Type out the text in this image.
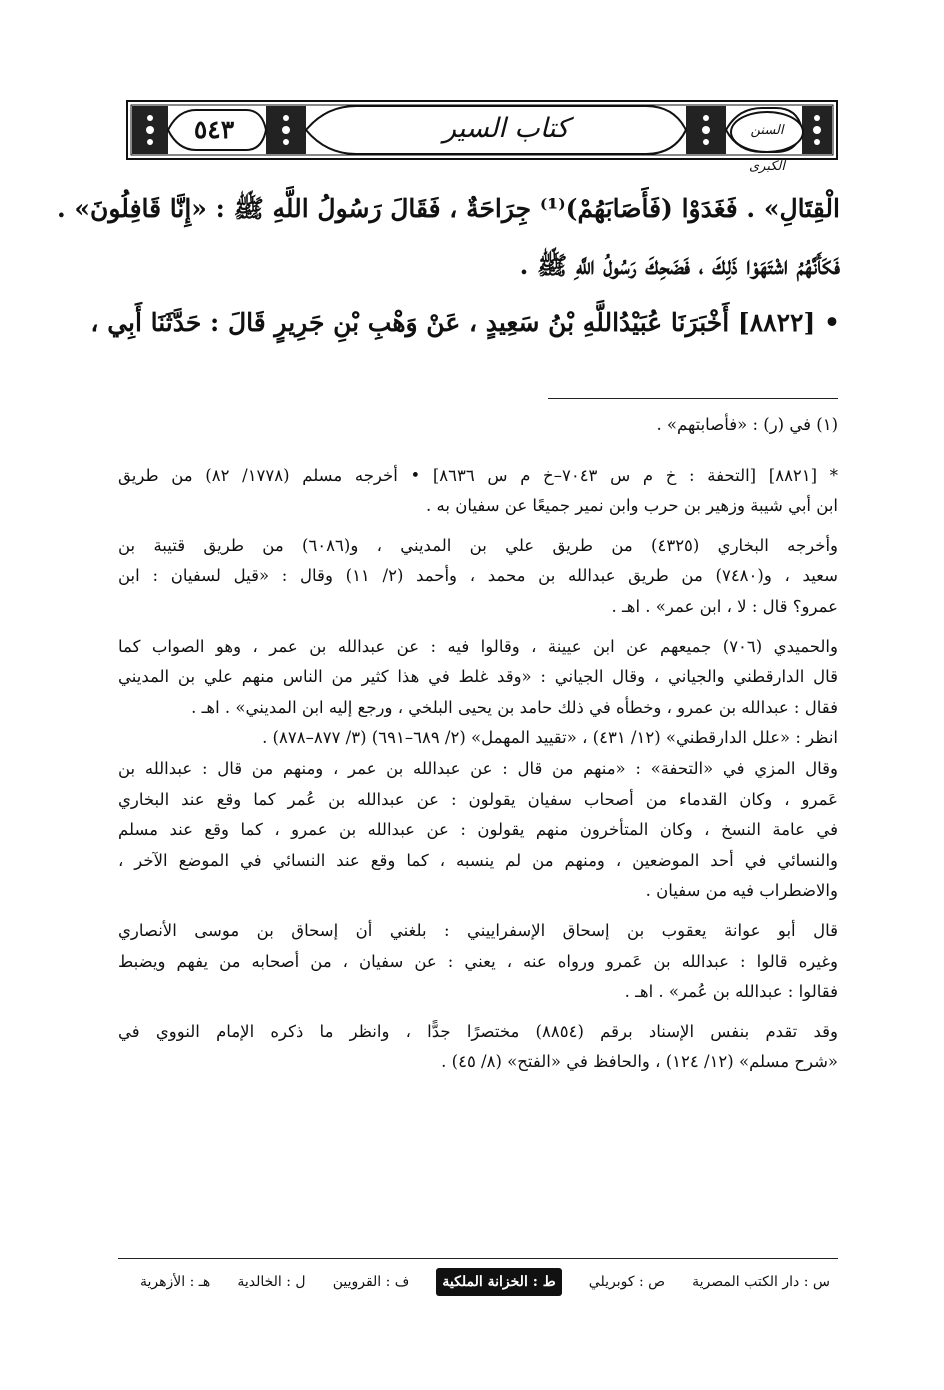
٥٤٣	كتاب السير	السنن الكبرى

الْقِتَالِ» . فَغَدَوْا (فَأَصَابَهُمْ)⁽¹⁾ جِرَاحَةٌ ، فَقَالَ رَسُولُ اللَّهِ ﷺ : «إِنَّا قَافِلُونَ» .

فَكَأَنَّهُمُ اشْتَهَوْا ذَلِكَ ، فَضَحِكَ رَسُولُ اللَّهِ ﷺ .

• [٨٨٢٢] أَخْبَرَنَا عُبَيْدُاللَّهِ بْنُ سَعِيدٍ ، عَنْ وَهْبِ بْنِ جَرِيرٍ قَالَ : حَدَّثَنَا أَبِي ،

(١) في (ر) : «فأصابتهم» .

* [٨٨٢١] [التحفة : خ م س ٧٠٤٣–خ م س ٨٦٣٦] • أخرجه مسلم (١٧٧٨/ ٨٢) من طريق

ابن أبي شيبة وزهير بن حرب وابن نمير جميعًا عن سفيان به .

وأخرجه البخاري (٤٣٢٥) من طريق علي بن المديني ، و(٦٠٨٦) من طريق قتيبة بن

سعيد ، و(٧٤٨٠) من طريق عبدالله بن محمد ، وأحمد (٢/ ١١) وقال : «قيل لسفيان : ابن

عمرو؟ قال : لا ، ابن عمر» . اهـ .

والحميدي (٧٠٦) جميعهم عن ابن عيينة ، وقالوا فيه : عن عبدالله بن عمر ، وهو الصواب كما

قال الدارقطني والجياني ، وقال الجياني : «وقد غلط في هذا كثير من الناس منهم علي بن المديني

فقال : عبدالله بن عمرو ، وخطأه في ذلك حامد بن يحيى البلخي ، ورجع إليه ابن المديني» . اهـ .

انظر : «علل الدارقطني» (١٢/ ٤٣١) ، «تقييد المهمل» (٢/ ٦٨٩–٦٩١) (٣/ ٨٧٧–٨٧٨) .

وقال المزي في «التحفة» : «منهم من قال : عن عبدالله بن عمر ، ومنهم من قال : عبدالله بن

عَمرو ، وكان القدماء من أصحاب سفيان يقولون : عن عبدالله بن عُمر كما وقع عند البخاري

في عامة النسخ ، وكان المتأخرون منهم يقولون : عن عبدالله بن عمرو ، كما وقع عند مسلم

والنسائي في أحد الموضعين ، ومنهم من لم ينسبه ، كما وقع عند النسائي في الموضع الآخر ،

والاضطراب فيه من سفيان .

قال أبو عوانة يعقوب بن إسحاق الإسفراييني : بلغني أن إسحاق بن موسى الأنصاري

وغيره قالوا : عبدالله بن عَمرو ورواه عنه ، يعني : عن سفيان ، من أصحابه من يفهم ويضبط

فقالوا : عبدالله بن عُمر» . اهـ .

وقد تقدم بنفس الإسناد برقم (٨٨٥٤) مختصرًا جدًّا ، وانظر ما ذكره الإمام النووي في

«شرح مسلم» (١٢/ ١٢٤) ، والحافظ في «الفتح» (٨/ ٤٥) .

س : دار الكتب المصرية
ص : كوبريلي
ط : الخزانة الملكية
ف : القرويين
ل : الخالدية
هـ : الأزهرية
